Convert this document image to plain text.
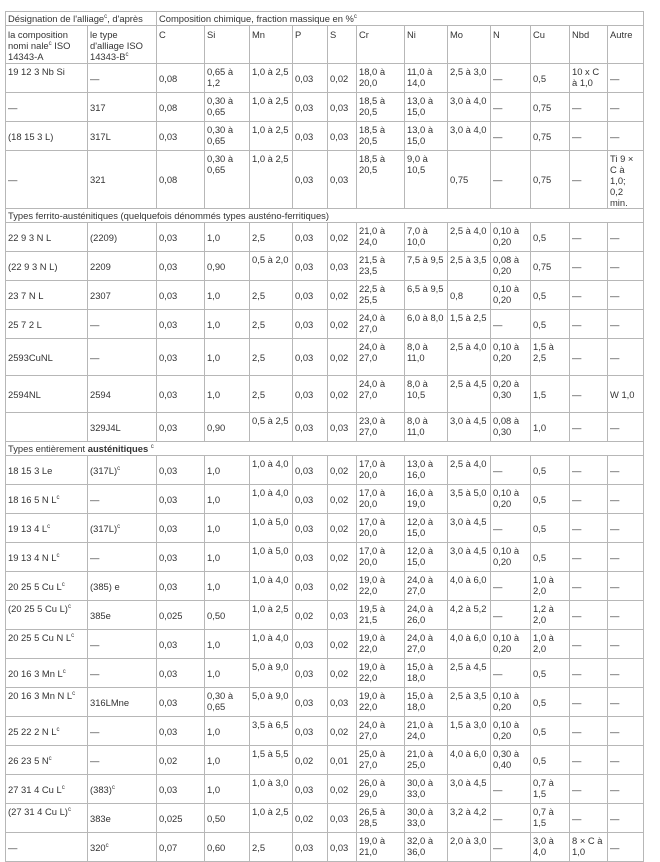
Désignation de l'alliage$^c$, d'après		Composition chimique, fraction massique en %$^c$
la composition nomi nale$^c$ ISO 14343-A	le type d'alliage ISO $14343-B^c$	C	Si	Mn	P	S	Cr	Ni	Mo	N	Cu	Nbd	Autre
19 12 3 Nb Si	—	0,08	0,65 à 1,2	1,0 à 2,5	0,03	0,02	18,0 à 20,0	11,0 à 14,0	2,5 à 3,0	—	0,5	10 x C à 1,0	—
—	317	0,08	0,30 à 0,65	1,0 à 2,5	0,03	0,03	18,5 à 20,5	13,0 à 15,0	3,0 à 4,0	—	0,75	—	—
(18 15 3 L)	317L	0,03	0,30 à 0,65	1,0 à 2,5	0,03	0,03	18,5 à 20,5	13,0 à 15,0	3,0 à 4,0	—	0,75	—	—
—	321	0,08	0,30 à 0,65	1,0 à 2,5	0,03	0,03	18,5 à 20,5	9,0 à 10,5	0,75	—	0,75	—	Ti 9 × C à 1,0; 0,2 min.
Types ferrito-austénitiques (quelquefois dénommés types austéno-ferritiques)													
22 9 3 N L	(2209)	0,03	1,0	2,5	0,03	0,02	21,0 à 24,0	7,0 à 10,0	2,5 à 4,0	0,10 à 0,20	0,5	—	—
(22 9 3 N L)	2209	0,03	0,90	0,5 à 2,0	0,03	0,03	21,5 à 23,5	7,5 à 9,5	2,5 à 3,5	0,08 à 0,20	0,75	—	—
23 7 N L	2307	0,03	1,0	2,5	0,03	0,02	22,5 à 25,5	6,5 à 9,5	0,8	0,10 à 0,20	0,5	—	—
25 7 2 L	—	0,03	1,0	2,5	0,03	0,02	24,0 à 27,0	6,0 à 8,0	1,5 à 2,5	—	0,5	—	—
2593CuNL	—	0,03	1,0	2,5	0,03	0,02	24,0 à 27,0	8,0 à 11,0	2,5 à 4,0	0,10 à 0,20	1,5 à 2,5	—	—
2594NL	2594	0,03	1,0	2,5	0,03	0,02	24,0 à 27,0	8,0 à 10,5	2,5 à 4,5	0,20 à 0,30	1,5	—	W 1,0
	329J4L	0,03	0,90	0,5 à 2,5	0,03	0,03	23,0 à 27,0	8,0 à 11,0	3,0 à 4,5	0,08 à 0,30	1,0	—	—
Types entièrement austénitiques $^c$
18 15 3 Le	$(317L)^c$	0,03	1,0	1,0 à 4,0	0,03	0,02	17,0 à 20,0	13,0 à 16,0	2,5 à 4,0	—	0,5	—	—
18 16 5 N $L^c$	—	0,03	1,0	1,0 à 4,0	0,03	0,02	17,0 à 20,0	16,0 à 19,0	3,5 à 5,0	0,10 à 0,20	0,5	—	—
19 13 4 $L^c$	$(317L)^c$	0,03	1,0	1,0 à 5,0	0,03	0,02	17,0 à 20,0	12,0 à 15,0	3,0 à 4,5	—	0,5	—	—
19 13 4 N $L^c$	—	0,03	1,0	1,0 à 5,0	0,03	0,02	17,0 à 20,0	12,0 à 15,0	3,0 à 4,5	0,10 à 0,20	0,5	—	—
20 25 5 Cu $L^c$	(385) e	0,03	1,0	1,0 à 4,0	0,03	0,02	19,0 à 22,0	24,0 à 27,0	4,0 à 6,0	—	1,0 à 2,0	—	—
(20 25 5 Cu L)$^c$	385e	0,025	0,50	1,0 à 2,5	0,02	0,03	19,5 à 21,5	24,0 à 26,0	4,2 à 5,2	—	1,2 à 2,0	—	—
20 25 5 Cu N $L^c$	—	0,03	1,0	1,0 à 4,0	0,03	0,02	19,0 à 22,0	24,0 à 27,0	4,0 à 6,0	0,10 à 0,20	1,0 à 2,0	—	—
20 16 3 Mn $L^c$	—	0,03	1,0	5,0 à 9,0	0,03	0,02	19,0 à 22,0	15,0 à 18,0	2,5 à 4,5	—	0,5	—	—
20 16 3 Mn N $L^c$	316LMne	0,03	0,30 à 0,65	5,0 à 9,0	0,03	0,03	19,0 à 22,0	15,0 à 18,0	2,5 à 3,5	0,10 à 0,20	0,5	—	—
25 22 2 N $L^c$	—	0,03	1,0	3,5 à 6,5	0,03	0,02	24,0 à 27,0	21,0 à 24,0	1,5 à 3,0	0,10 à 0,20	0,5	—	—
26 23 5 $N^c$	—	0,02	1,0	1,5 à 5,5	0,02	0,01	25,0 à 27,0	21,0 à 25,0	4,0 à 6,0	0,30 à 0,40	0,5	—	—
27 31 4 Cu $L^c$	$(383)^c$	0,03	1,0	1,0 à 3,0	0,03	0,02	26,0 à 29,0	30,0 à 33,0	3,0 à 4,5	—	0,7 à 1,5	—	—
(27 31 4 Cu L)$^c$	383e	0,025	0,50	1,0 à 2,5	0,02	0,03	26,5 à 28,5	30,0 à 33,0	3,2 à 4,2	—	0,7 à 1,5	—	—
—	320$^c$	0,07	0,60	2,5	0,03	0,03	19,0 à 21,0	32,0 à 36,0	2,0 à 3,0	—	3,0 à 4,0	8 × C à 1,0	—
